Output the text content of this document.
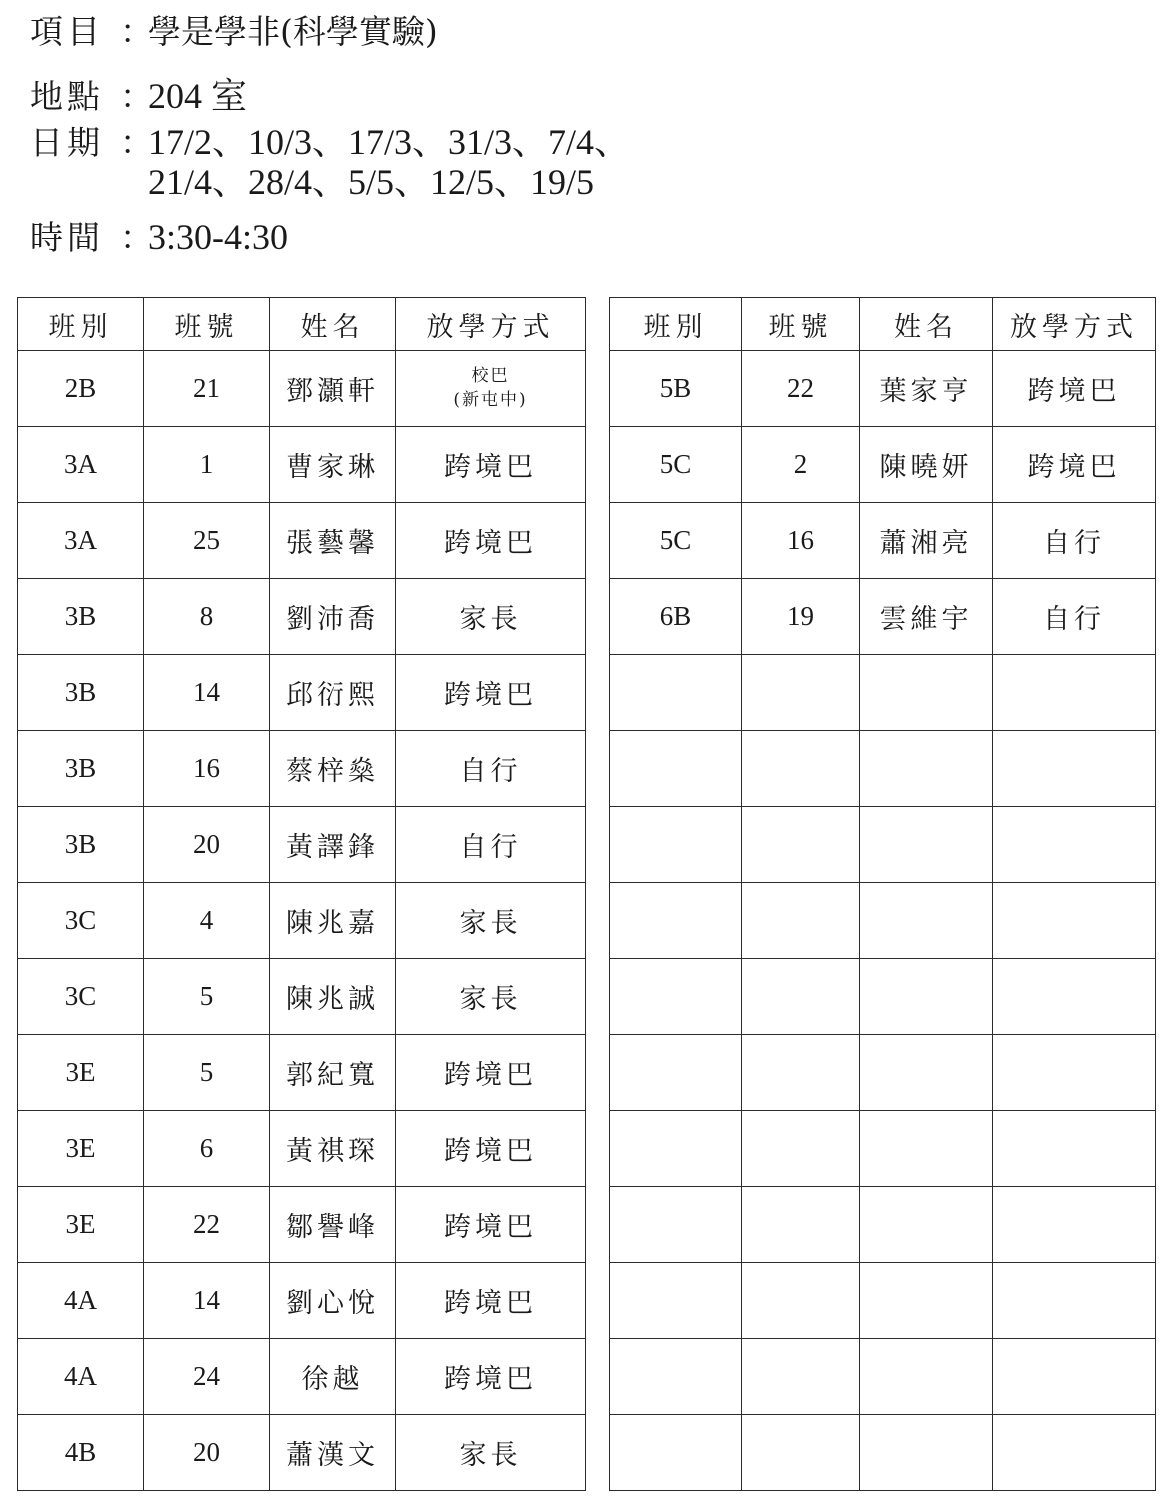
項目 ：
學是學非(科學實驗)
地點 ：
204 室
日期 ：
17/2、10/3、17/3、31/3、7/4、
21/4、28/4、5/5、12/5、19/5
時間 ：
3:30-4:30
班別	班號	姓名	放學方式
2B	21	鄧灝軒	校巴
(新屯中)

3A	1	曹家琳	跨境巴
3A	25	張藝馨	跨境巴
3B	8	劉沛喬	家長
3B	14	邱衍熙	跨境巴
3B	16	蔡梓燊	自行
3B	20	黃譯鋒	自行
3C	4	陳兆嘉	家長
3C	5	陳兆誠	家長
3E	5	郭紀寬	跨境巴
3E	6	黃祺琛	跨境巴
3E	22	鄒譽峰	跨境巴
4A	14	劉心悅	跨境巴
4A	24	徐越	跨境巴
4B	20	蕭漢文	家長
班別	班號	姓名	放學方式
5B	22	葉家亨	跨境巴
5C	2	陳曉妍	跨境巴
5C	16	蕭湘亮	自行
6B	19	雲維宇	自行
